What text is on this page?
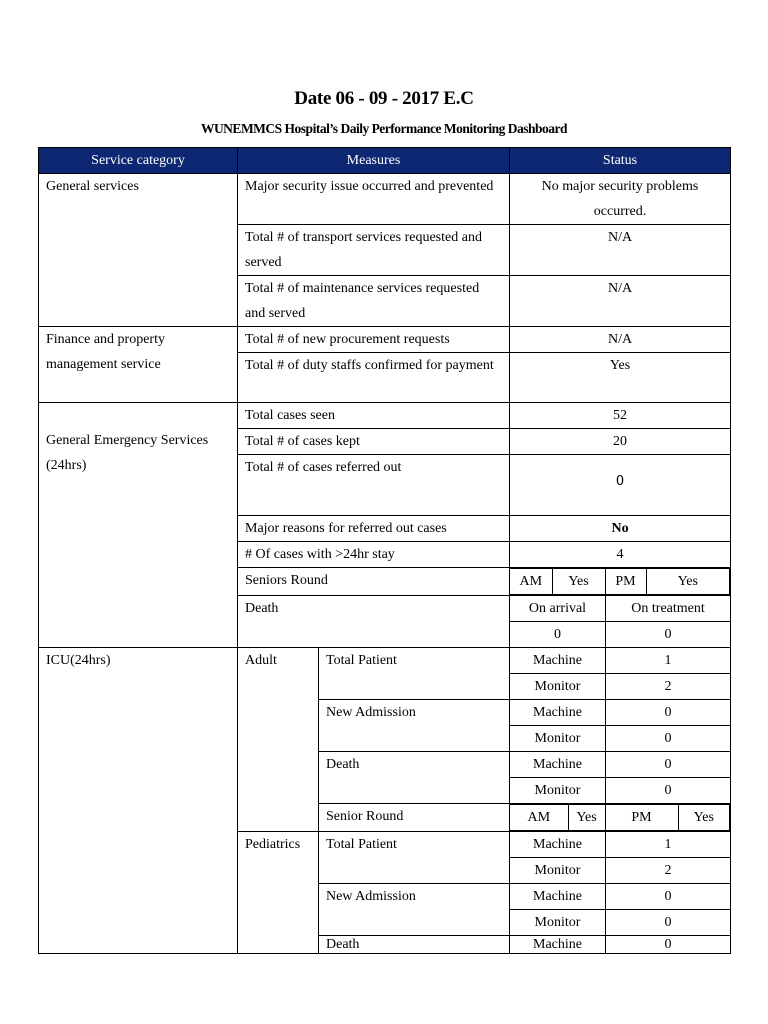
Date 06 - 09 - 2017 E.C
WUNEMMCS Hospital’s Daily Performance Monitoring Dashboard
Service category	Measures	Status
General services	Major security issue occurred and prevented	No major security problems occurred.
Total # of transport services requested and served	N/A
Total # of maintenance services requested and served	N/A
Finance and property management service	Total # of new procurement requests	N/A
Total # of duty staffs confirmed for payment	Yes
General Emergency Services (24hrs)	Total cases seen	52
Total # of cases kept	20
Total # of cases referred out	0
Major reasons for referred out cases	No
# Of cases with >24hr stay	4
Seniors Round		AM	Yes	PM	Yes

Death	On arrival	On treatment
0	0
ICU(24hrs)	Adult	Total Patient	Machine	1
Monitor	2
New Admission	Machine	0
Monitor	0
Death	Machine	0
Monitor	0
Senior Round		AM	Yes	PM	Yes

Pediatrics	Total Patient	Machine	1
Monitor	2
New Admission	Machine	0
Monitor	0
Death	Machine	0
